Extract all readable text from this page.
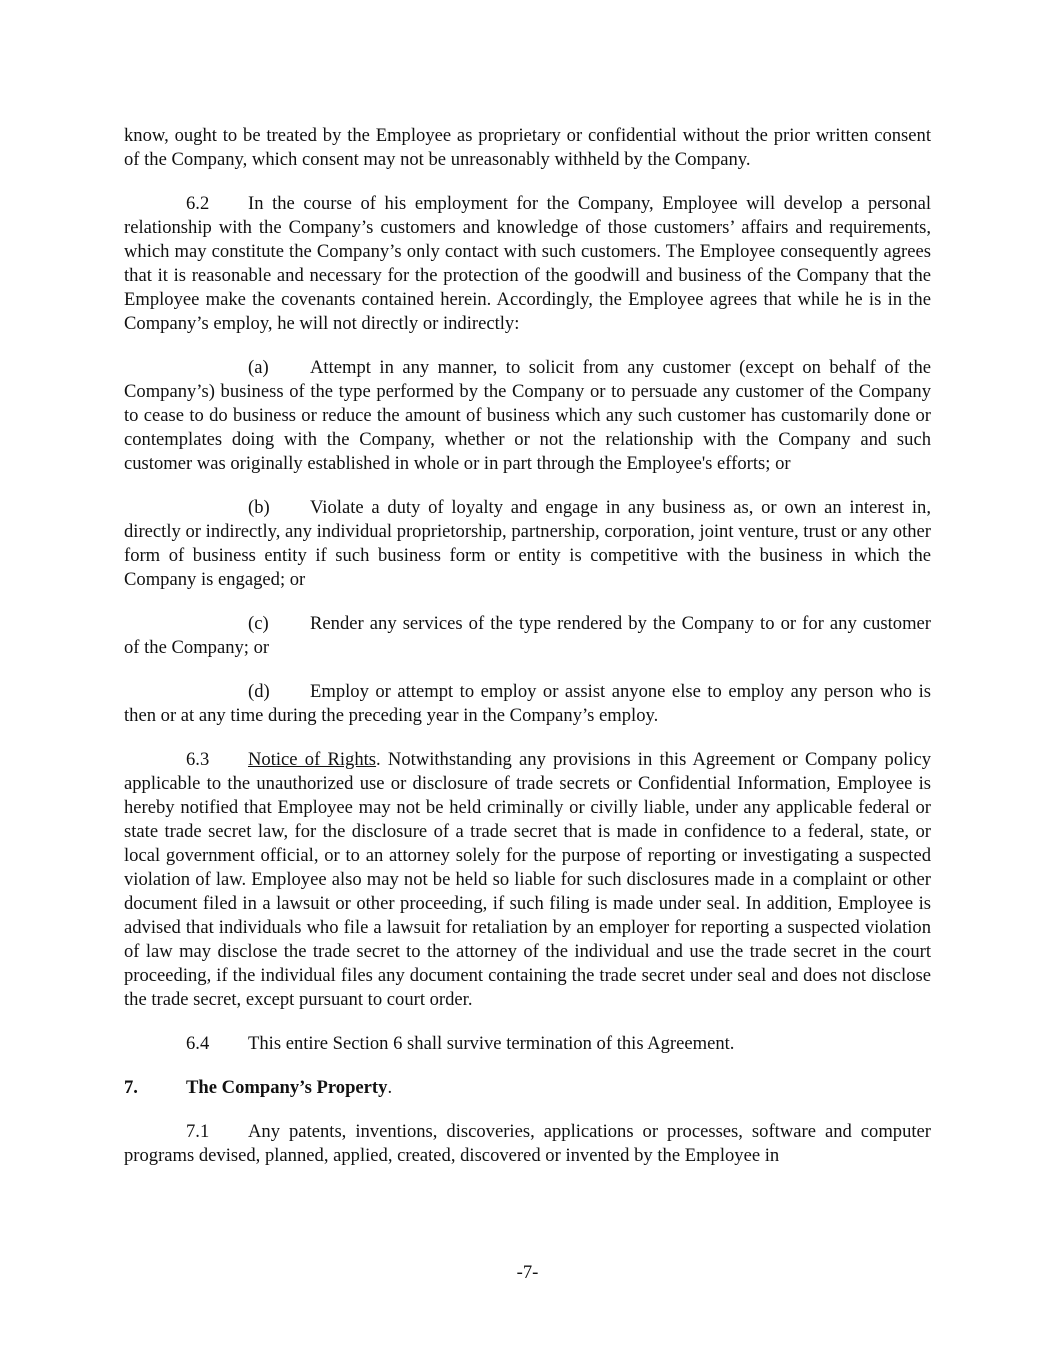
know, ought to be treated by the Employee as proprietary or confidential without the prior written consent of the Company, which consent may not be unreasonably withheld by the Company.

6.2 In the course of his employment for the Company, Employee will develop a personal relationship with the Company’s customers and knowledge of those customers’ affairs and requirements, which may constitute the Company’s only contact with such customers. The Employee consequently agrees that it is reasonable and necessary for the protection of the goodwill and business of the Company that the Employee make the covenants contained herein. Accordingly, the Employee agrees that while he is in the Company’s employ, he will not directly or indirectly:

(a) Attempt in any manner, to solicit from any customer (except on behalf of the Company’s) business of the type performed by the Company or to persuade any customer of the Company to cease to do business or reduce the amount of business which any such customer has customarily done or contemplates doing with the Company, whether or not the relationship with the Company and such customer was originally established in whole or in part through the Employee's efforts; or

(b) Violate a duty of loyalty and engage in any business as, or own an interest in, directly or indirectly, any individual proprietorship, partnership, corporation, joint venture, trust or any other form of business entity if such business form or entity is competitive with the business in which the Company is engaged; or

(c) Render any services of the type rendered by the Company to or for any customer of the Company; or

(d) Employ or attempt to employ or assist anyone else to employ any person who is then or at any time during the preceding year in the Company’s employ.

6.3 Notice of Rights. Notwithstanding any provisions in this Agreement or Company policy applicable to the unauthorized use or disclosure of trade secrets or Confidential Information, Employee is hereby notified that Employee may not be held criminally or civilly liable, under any applicable federal or state trade secret law, for the disclosure of a trade secret that is made in confidence to a federal, state, or local government official, or to an attorney solely for the purpose of reporting or investigating a suspected violation of law. Employee also may not be held so liable for such disclosures made in a complaint or other document filed in a lawsuit or other proceeding, if such filing is made under seal. In addition, Employee is advised that individuals who file a lawsuit for retaliation by an employer for reporting a suspected violation of law may disclose the trade secret to the attorney of the individual and use the trade secret in the court proceeding, if the individual files any document containing the trade secret under seal and does not disclose the trade secret, except pursuant to court order.

6.4 This entire Section 6 shall survive termination of this Agreement.

7.	The Company’s Property.

7.1 Any patents, inventions, discoveries, applications or processes, software and computer programs devised, planned, applied, created, discovered or invented by the Employee in

-7-
